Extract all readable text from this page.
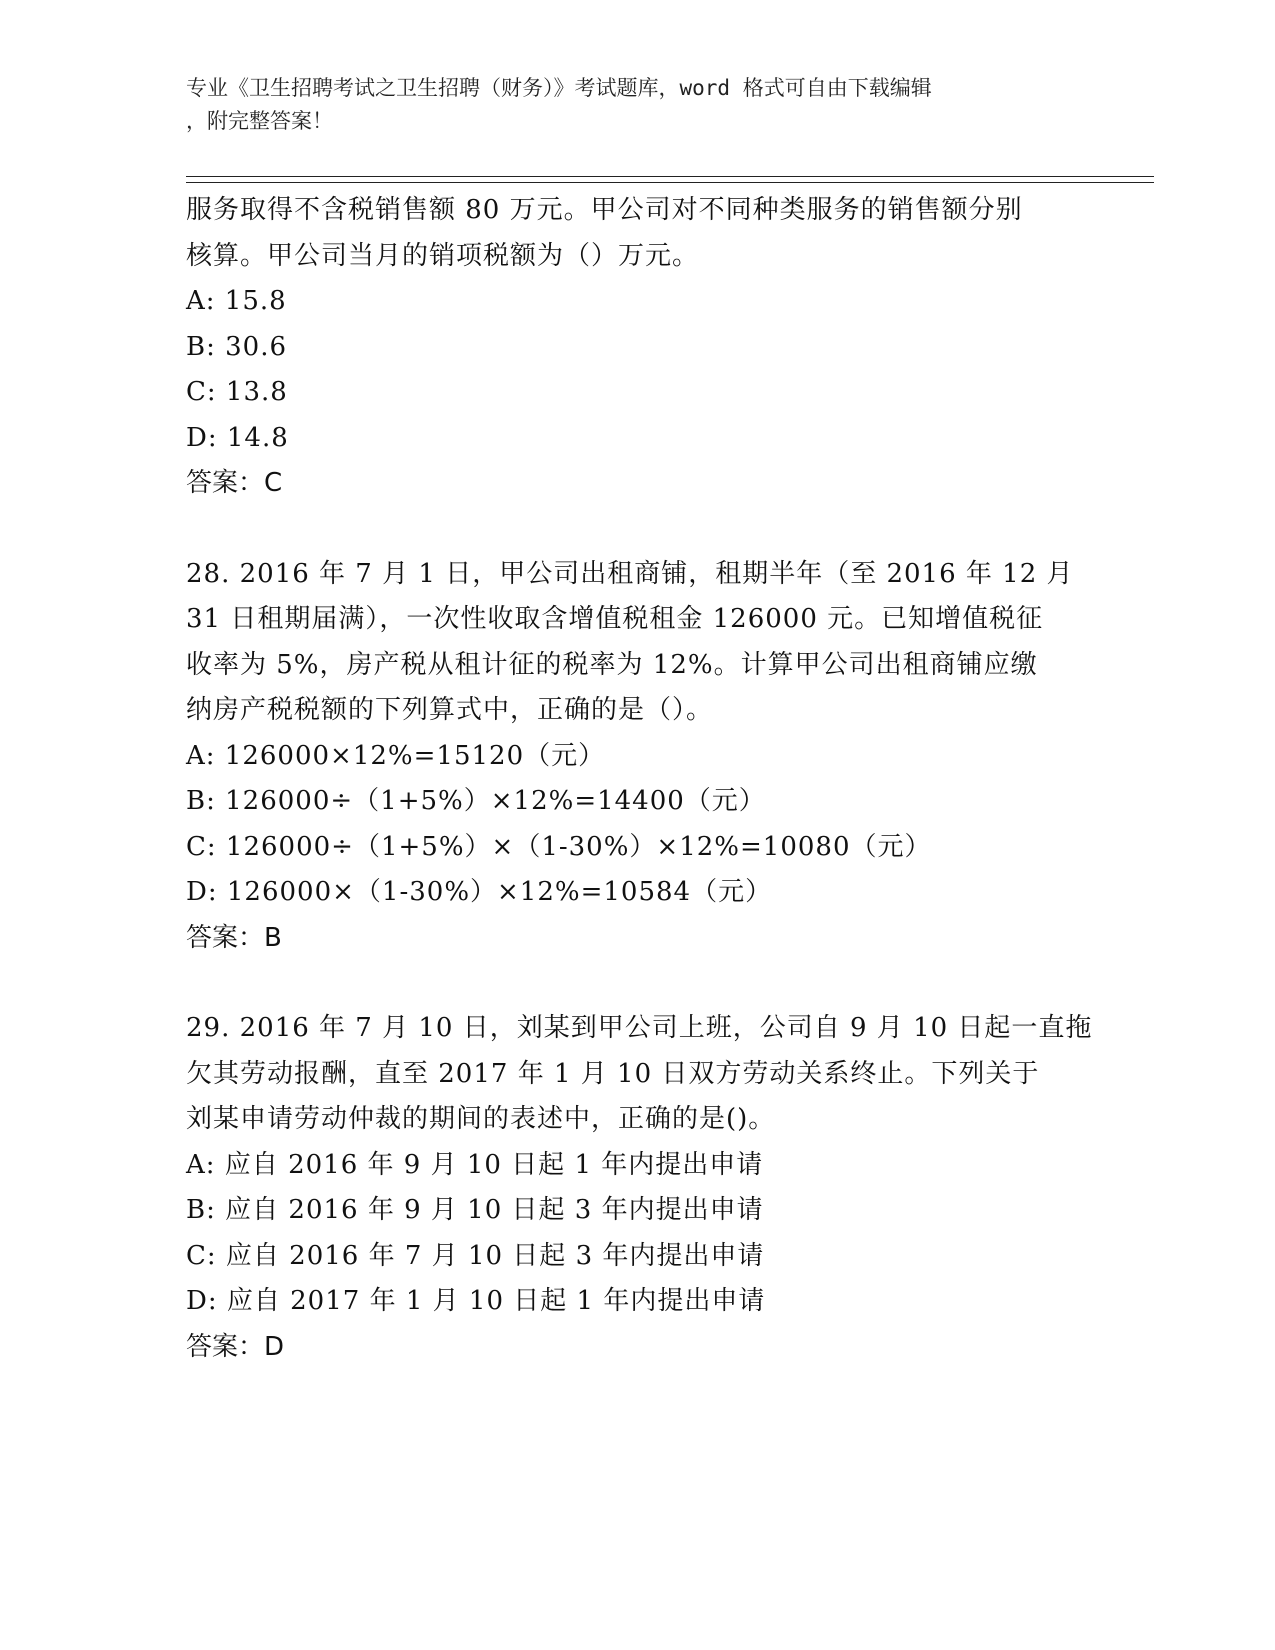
专业《卫生招聘考试之卫生招聘（财务）》考试题库，word 格式可自由下载编辑
，附完整答案！
服务取得不含税销售额 80 万元。甲公司对不同种类服务的销售额分别
核算。甲公司当月的销项税额为（）万元。
A: 15.8
B: 30.6
C: 13.8
D: 14.8
答案：C
28. 2016 年 7 月 1 日，甲公司出租商铺，租期半年（至 2016 年 12 月
31 日租期届满），一次性收取含增值税租金 126000 元。已知增值税征
收率为 5%，房产税从租计征的税率为 12%。计算甲公司出租商铺应缴
纳房产税税额的下列算式中，正确的是（）。
A: 126000×12%=15120（元）
B: 126000÷（1+5%）×12%=14400（元）
C: 126000÷（1+5%）×（1-30%）×12%=10080（元）
D: 126000×（1-30%）×12%=10584（元）
答案：B
29. 2016 年 7 月 10 日，刘某到甲公司上班，公司自 9 月 10 日起一直拖
欠其劳动报酬，直至 2017 年 1 月 10 日双方劳动关系终止。下列关于
刘某申请劳动仲裁的期间的表述中，正确的是()。
A: 应自 2016 年 9 月 10 日起 1 年内提出申请
B: 应自 2016 年 9 月 10 日起 3 年内提出申请
C: 应自 2016 年 7 月 10 日起 3 年内提出申请
D: 应自 2017 年 1 月 10 日起 1 年内提出申请
答案：D
